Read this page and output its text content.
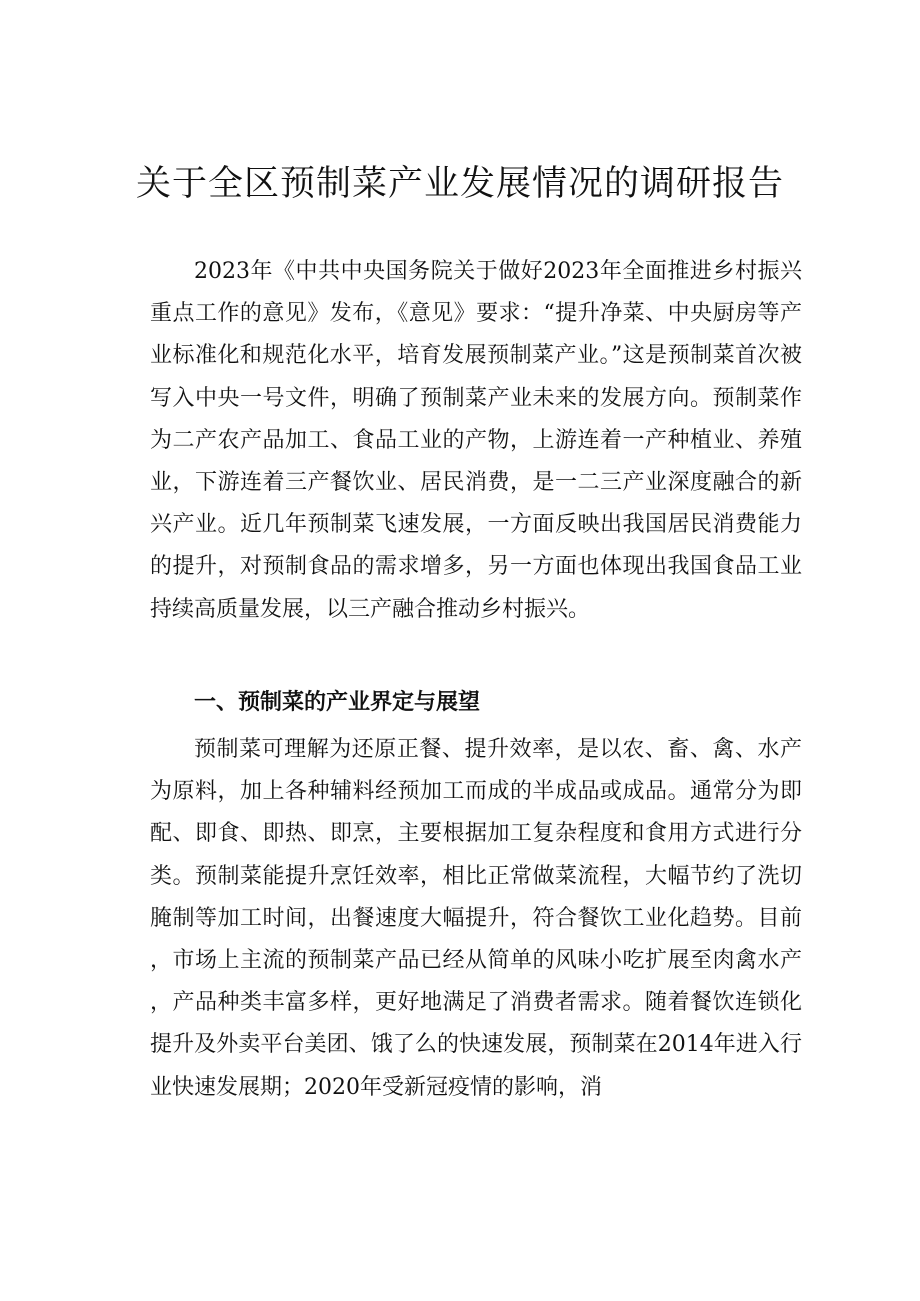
关于全区预制菜产业发展情况的调研报告

2023年《中共中央国务院关于做好2023年全面推进乡村振兴重点工作的意见》发布，《意见》要求：“提升净菜、中央厨房等产业标准化和规范化水平，培育发展预制菜产业。”这是预制菜首次被写入中央一号文件，明确了预制菜产业未来的发展方向。预制菜作为二产农产品加工、食品工业的产物，上游连着一产种植业、养殖业，下游连着三产餐饮业、居民消费，是一二三产业深度融合的新兴产业。近几年预制菜飞速发展，一方面反映出我国居民消费能力的提升，对预制食品的需求增多，另一方面也体现出我国食品工业持续高质量发展，以三产融合推动乡村振兴。

一、预制菜的产业界定与展望

预制菜可理解为还原正餐、提升效率，是以农、畜、禽、水产为原料，加上各种辅料经预加工而成的半成品或成品。通常分为即配、即食、即热、即烹，主要根据加工复杂程度和食用方式进行分类。预制菜能提升烹饪效率，相比正常做菜流程，大幅节约了洗切腌制等加工时间，出餐速度大幅提升，符合餐饮工业化趋势。目前，市场上主流的预制菜产品已经从简单的风味小吃扩展至肉禽水产，产品种类丰富多样，更好地满足了消费者需求。随着餐饮连锁化提升及外卖平台美团、饿了么的快速发展，预制菜在2014年进入行业快速发展期；2020年受新冠疫情的影响，消
